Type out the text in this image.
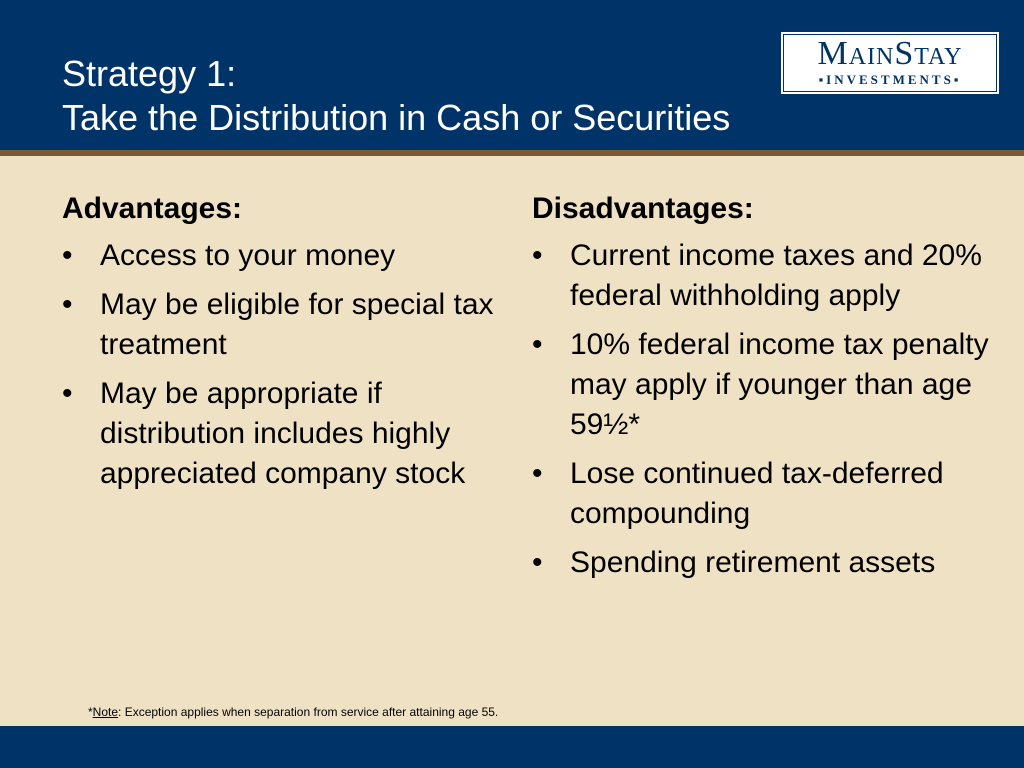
Strategy 1:
Take the Distribution in Cash or Securities
MainStay
▪INVESTMENTS▪
Advantages:
• Access to your money
• May be eligible for special tax treatment
• May be appropriate if distribution includes highly appreciated company stock
Disadvantages:
• Current income taxes and 20% federal withholding apply
• 10% federal income tax penalty may apply if younger than age 59½*
• Lose continued tax-deferred compounding
• Spending retirement assets
*Note: Exception applies when separation from service after attaining age 55.
